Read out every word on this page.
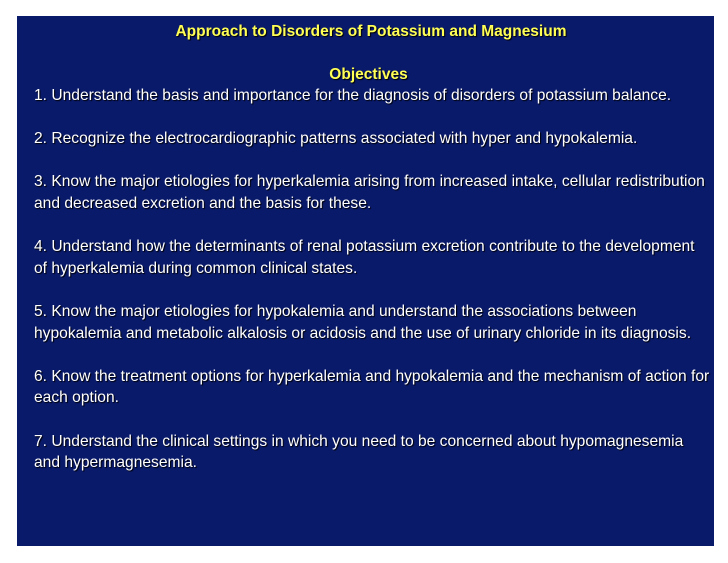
Approach to Disorders of Potassium and Magnesium
Objectives
1. Understand the basis and importance for the diagnosis of disorders of potassium balance.
2. Recognize the electrocardiographic patterns associated with hyper and hypokalemia.
3. Know the major etiologies for hyperkalemia arising from increased intake, cellular redistribution and decreased excretion and the basis for these.
4. Understand how the determinants of renal potassium excretion contribute to the development of hyperkalemia during common clinical states.
5. Know the major etiologies for hypokalemia and understand the associations between hypokalemia and metabolic alkalosis or acidosis and the use of urinary chloride in its diagnosis.
6. Know the treatment options for hyperkalemia and hypokalemia and the mechanism of action for each option.
7. Understand the clinical settings in which you need to be concerned about hypomagnesemia and hypermagnesemia.
